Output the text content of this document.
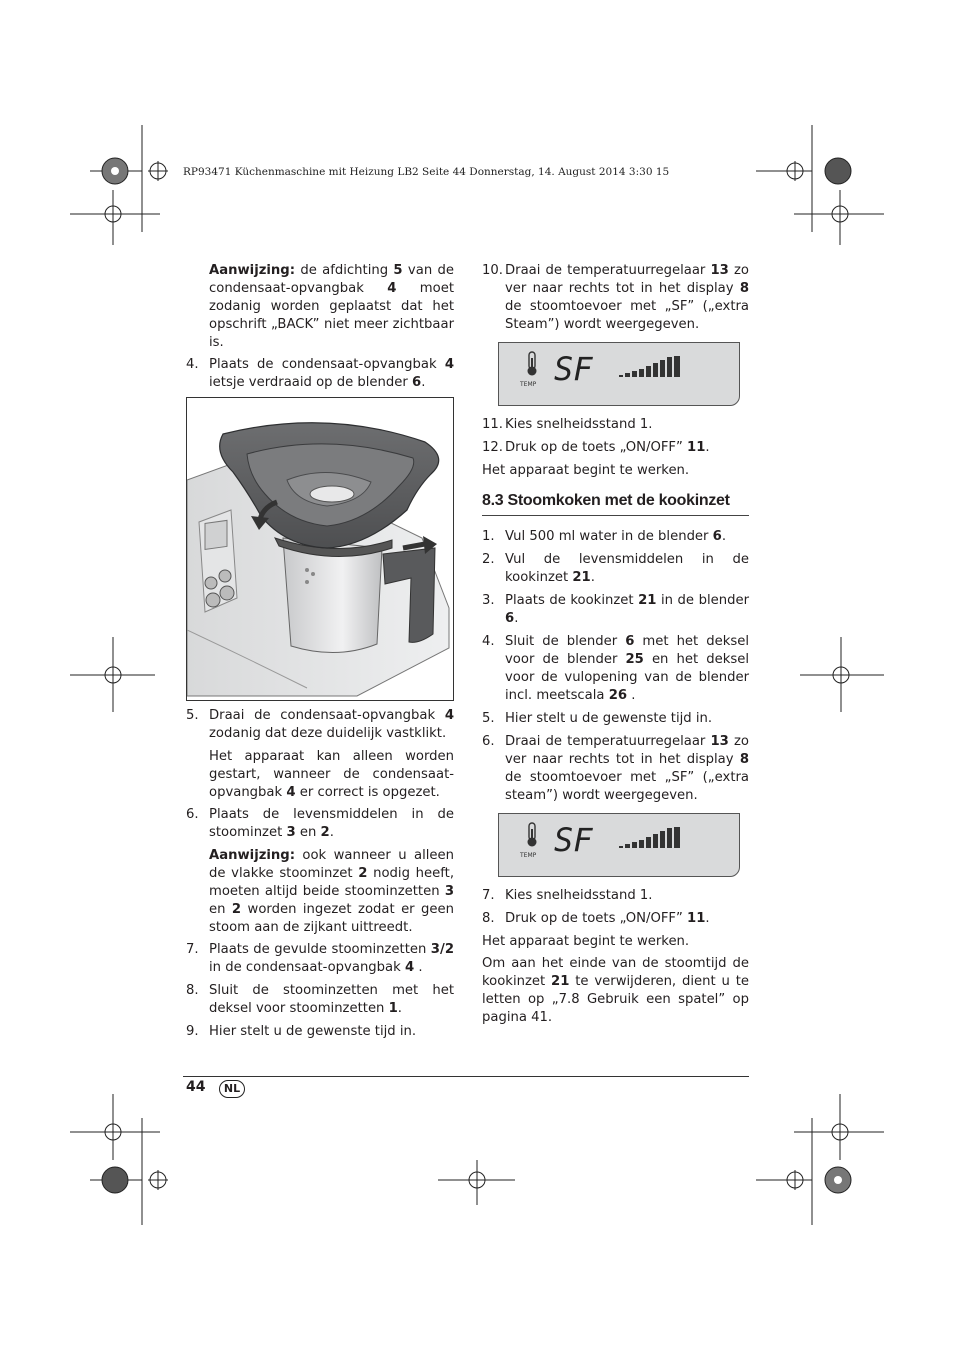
RP93471 Küchenmaschine mit Heizung LB2 Seite 44 Donnerstag, 14. August 2014 3:30 15

Aanwijzing: de afdichting 5 van de condensaat-opvangbak 4 moet zodanig worden geplaatst dat het opschrift „BACK” niet meer zichtbaar is.

4. Plaats de condensaat-opvangbak 4 ietsje verdraaid op de blender 6.
5. Draai de condensaat-opvangbak 4 zodanig dat deze duidelijk vastklikt.

Het apparaat kan alleen worden gestart, wanneer de condensaat-opvangbak 4 er correct is opgezet.

6. Plaats de levensmiddelen in de stoominzet 3 en 2.

Aanwijzing: ook wanneer u alleen de vlakke stoominzet 2 nodig heeft, moeten altijd beide stoominzetten 3 en 2 worden ingezet zodat er geen stoom aan de zijkant uittreedt.

7. Plaats de gevulde stoominzetten 3/2 in de condensaat-opvangbak 4 .
8. Sluit de stoominzetten met het deksel voor stoominzetten 1.
9. Hier stelt u de gewenste tijd in.
10. Draai de temperatuurregelaar 13 zo ver naar rechts tot in het display 8 de stoomtoevoer met „SF” („extra Steam”) wordt weergegeven.
TEMP SF
11. Kies snelheidsstand 1.
12. Druk op de toets „ON/OFF” 11.

Het apparaat begint te werken.

8.3 Stoomkoken met de kookinzet
1. Vul 500 ml water in de blender 6.
2. Vul de levensmiddelen in de kookinzet 21.
3. Plaats de kookinzet 21 in de blender 6.
4. Sluit de blender 6 met het deksel voor de blender 25 en het deksel voor de vulopening van de blender incl. meetscala 26 .
5. Hier stelt u de gewenste tijd in.
6. Draai de temperatuurregelaar 13 zo ver naar rechts tot in het display 8 de stoomtoevoer met „SF” („extra steam”) wordt weergegeven.
TEMP SF
7. Kies snelheidsstand 1.
8. Druk op de toets „ON/OFF” 11.

Het apparaat begint te werken.

Om aan het einde van de stoomtijd de kookinzet 21 te verwijderen, dient u te letten op „7.8 Gebruik een spatel” op pagina 41.

44	NL
